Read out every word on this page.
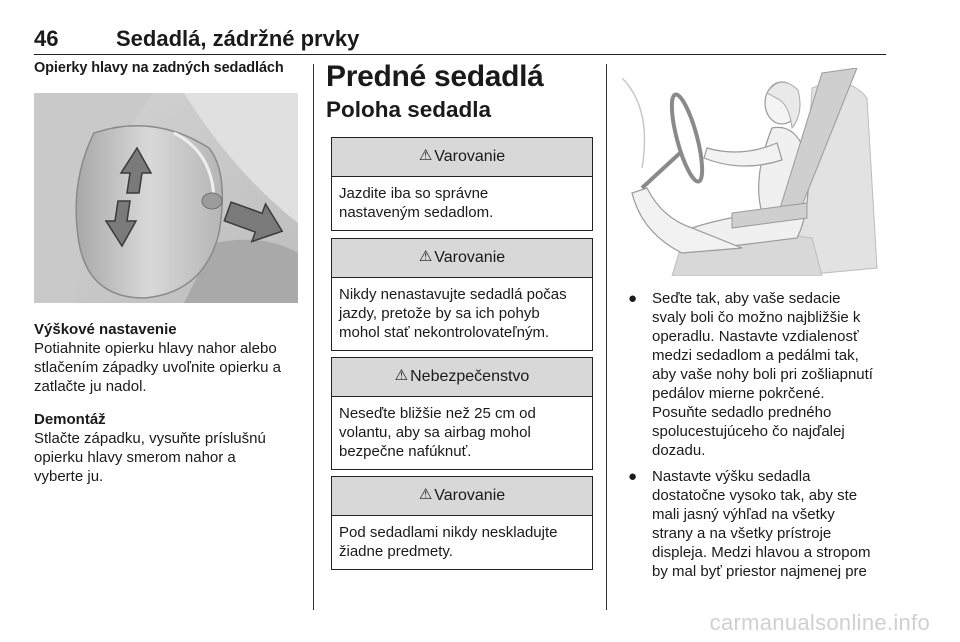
46	Sedadlá, zádržné prvky
Opierky hlavy na zadných sedadlách
Výškové nastavenie
Potiahnite opierku hlavy nahor alebo
stlačením západky uvoľnite opierku a
zatlačte ju nadol.
Demontáž
Stlačte západku, vysuňte príslušnú
opierku hlavy smerom nahor a
vyberte ju.
Predné sedadlá
Poloha sedadla
⚠ Varovanie
Jazdite iba so správne
nastaveným sedadlom.
⚠ Varovanie
Nikdy nenastavujte sedadlá počas
jazdy, pretože by sa ich pohyb
mohol stať nekontrolovateľným.
⚠ Nebezpečenstvo
Neseďte bližšie než 25 cm od
volantu, aby sa airbag mohol
bezpečne nafúknuť.
⚠ Varovanie
Pod sedadlami nikdy neskladujte
žiadne predmety.
● Seďte tak, aby vaše sedacie
svaly boli čo možno najbližšie k
operadlu. Nastavte vzdialenosť
medzi sedadlom a pedálmi tak,
aby vaše nohy boli pri zošliapnutí
pedálov mierne pokrčené.
Posuňte sedadlo predného
spolucestujúceho čo najďalej
dozadu.
● Nastavte výšku sedadla
dostatočne vysoko tak, aby ste
mali jasný výhľad na všetky
strany a na všetky prístroje
displeja. Medzi hlavou a stropom
by mal byť priestor najmenej pre
carmanualsonline.info
